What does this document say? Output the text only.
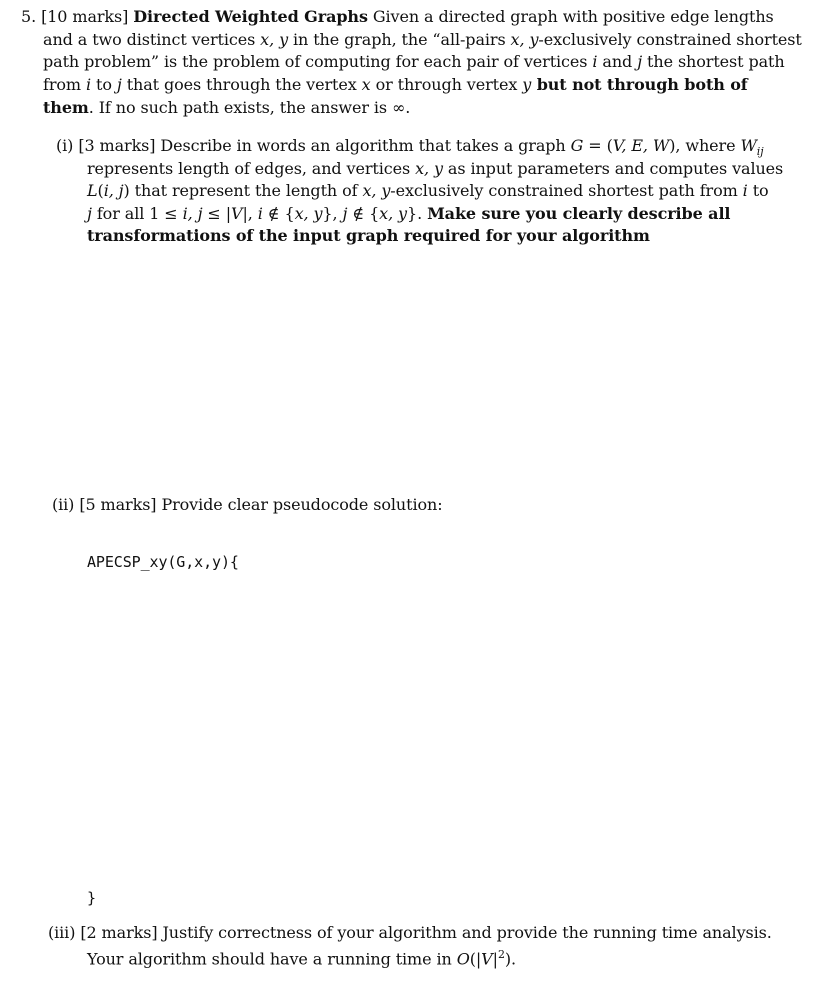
5. [10 marks] Directed Weighted Graphs Given a directed graph with positive edge lengths
and a two distinct vertices x, y in the graph, the “all-pairs x, y-exclusively constrained shortest
path problem” is the problem of computing for each pair of vertices i and j the shortest path
from i to j that goes through the vertex x or through vertex y but not through both of
them. If no such path exists, the answer is ∞.
(i) [3 marks] Describe in words an algorithm that takes a graph G = (V, E, W), where $W_{ij}$
represents length of edges, and vertices x, y as input parameters and computes values
L(i, j) that represent the length of x, y-exclusively constrained shortest path from i to
j for all 1 ≤ i, j ≤ |V|, i ∉ {x, y}, j ∉ {x, y}. Make sure you clearly describe all
transformations of the input graph required for your algorithm
(ii) [5 marks] Provide clear pseudocode solution:
APECSP_xy(G,x,y){
}
(iii) [2 marks] Justify correctness of your algorithm and provide the running time analysis.
Your algorithm should have a running time in $O(|V|^2)$.
